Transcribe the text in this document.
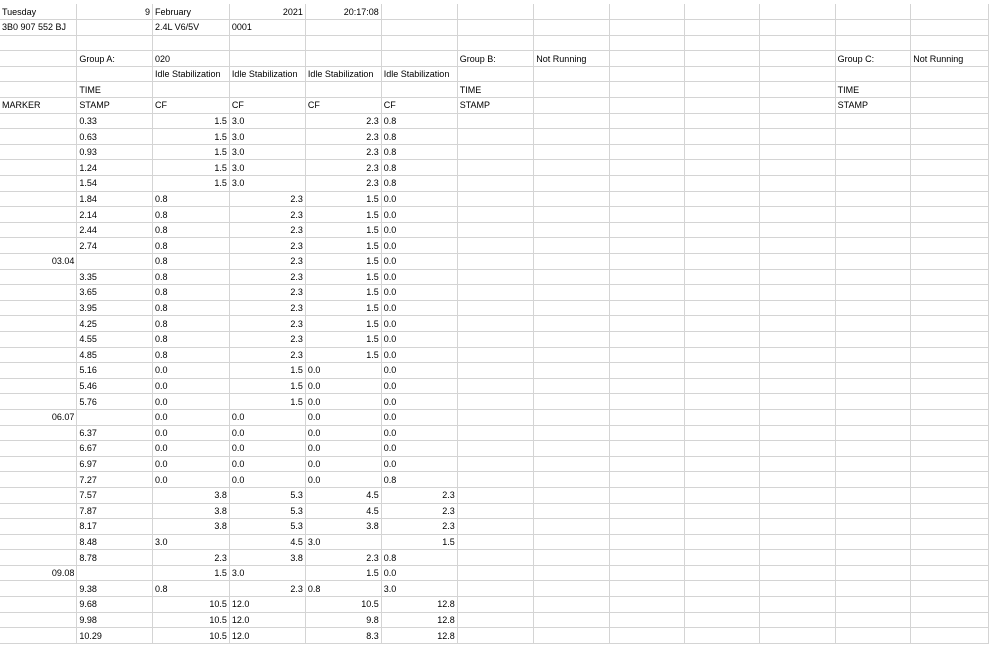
Tuesday	9	February	2021	20:17:08								
3B0 907 552 BJ		2.4L V6/5V	0001									

	Group A:	020				Group B:	Not Running				Group C:	Not Running
		Idle Stabilization	Idle Stabilization	Idle Stabilization	Idle Stabilization							
	TIME					TIME					TIME	
MARKER	STAMP	CF	CF	CF	CF	STAMP					STAMP	
	0.33	1.5	3.0	2.3	0.8							
	0.63	1.5	3.0	2.3	0.8							
	0.93	1.5	3.0	2.3	0.8							
	1.24	1.5	3.0	2.3	0.8							
	1.54	1.5	3.0	2.3	0.8							
	1.84	0.8	2.3	1.5	0.0							
	2.14	0.8	2.3	1.5	0.0							
	2.44	0.8	2.3	1.5	0.0							
	2.74	0.8	2.3	1.5	0.0							
03.04		0.8	2.3	1.5	0.0							
	3.35	0.8	2.3	1.5	0.0							
	3.65	0.8	2.3	1.5	0.0							
	3.95	0.8	2.3	1.5	0.0							
	4.25	0.8	2.3	1.5	0.0							
	4.55	0.8	2.3	1.5	0.0							
	4.85	0.8	2.3	1.5	0.0							
	5.16	0.0	1.5	0.0	0.0							
	5.46	0.0	1.5	0.0	0.0							
	5.76	0.0	1.5	0.0	0.0							
06.07		0.0	0.0	0.0	0.0							
	6.37	0.0	0.0	0.0	0.0							
	6.67	0.0	0.0	0.0	0.0							
	6.97	0.0	0.0	0.0	0.0							
	7.27	0.0	0.0	0.0	0.8							
	7.57	3.8	5.3	4.5	2.3							
	7.87	3.8	5.3	4.5	2.3							
	8.17	3.8	5.3	3.8	2.3							
	8.48	3.0	4.5	3.0	1.5							
	8.78	2.3	3.8	2.3	0.8							
09.08		1.5	3.0	1.5	0.0							
	9.38	0.8	2.3	0.8	3.0							
	9.68	10.5	12.0	10.5	12.8							
	9.98	10.5	12.0	9.8	12.8							
	10.29	10.5	12.0	8.3	12.8							
